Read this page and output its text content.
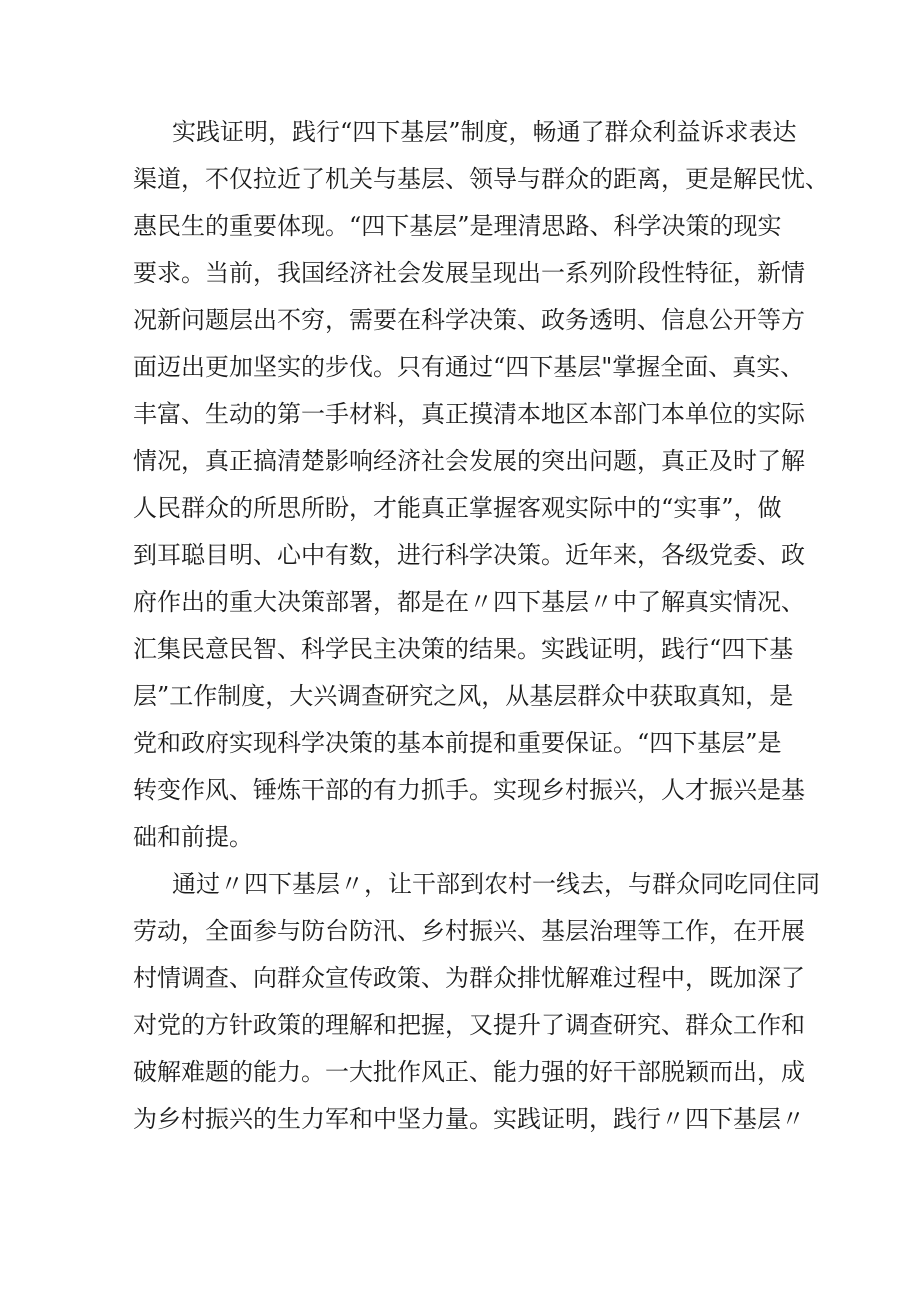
实践证明，践行“四下基层”制度，畅通了群众利益诉求表达

渠道，不仅拉近了机关与基层、领导与群众的距离，更是解民忧、

惠民生的重要体现。“四下基层”是理清思路、科学决策的现实

要求。当前，我国经济社会发展呈现出一系列阶段性特征，新情

况新问题层出不穷，需要在科学决策、政务透明、信息公开等方

面迈出更加坚实的步伐。只有通过“四下基层"掌握全面、真实、

丰富、生动的第一手材料，真正摸清本地区本部门本单位的实际

情况，真正搞清楚影响经济社会发展的突出问题，真正及时了解

人民群众的所思所盼，才能真正掌握客观实际中的“实事”，做

到耳聪目明、心中有数，进行科学决策。近年来，各级党委、政

府作出的重大决策部署，都是在〃四下基层〃中了解真实情况、

汇集民意民智、科学民主决策的结果。实践证明，践行“四下基

层”工作制度，大兴调查研究之风，从基层群众中获取真知，是

党和政府实现科学决策的基本前提和重要保证。“四下基层”是

转变作风、锤炼干部的有力抓手。实现乡村振兴，人才振兴是基

础和前提。

通过〃四下基层〃，让干部到农村一线去，与群众同吃同住同

劳动，全面参与防台防汛、乡村振兴、基层治理等工作，在开展

村情调查、向群众宣传政策、为群众排忧解难过程中，既加深了

对党的方针政策的理解和把握，又提升了调查研究、群众工作和

破解难题的能力。一大批作风正、能力强的好干部脱颖而出，成

为乡村振兴的生力军和中坚力量。实践证明，践行〃四下基层〃
